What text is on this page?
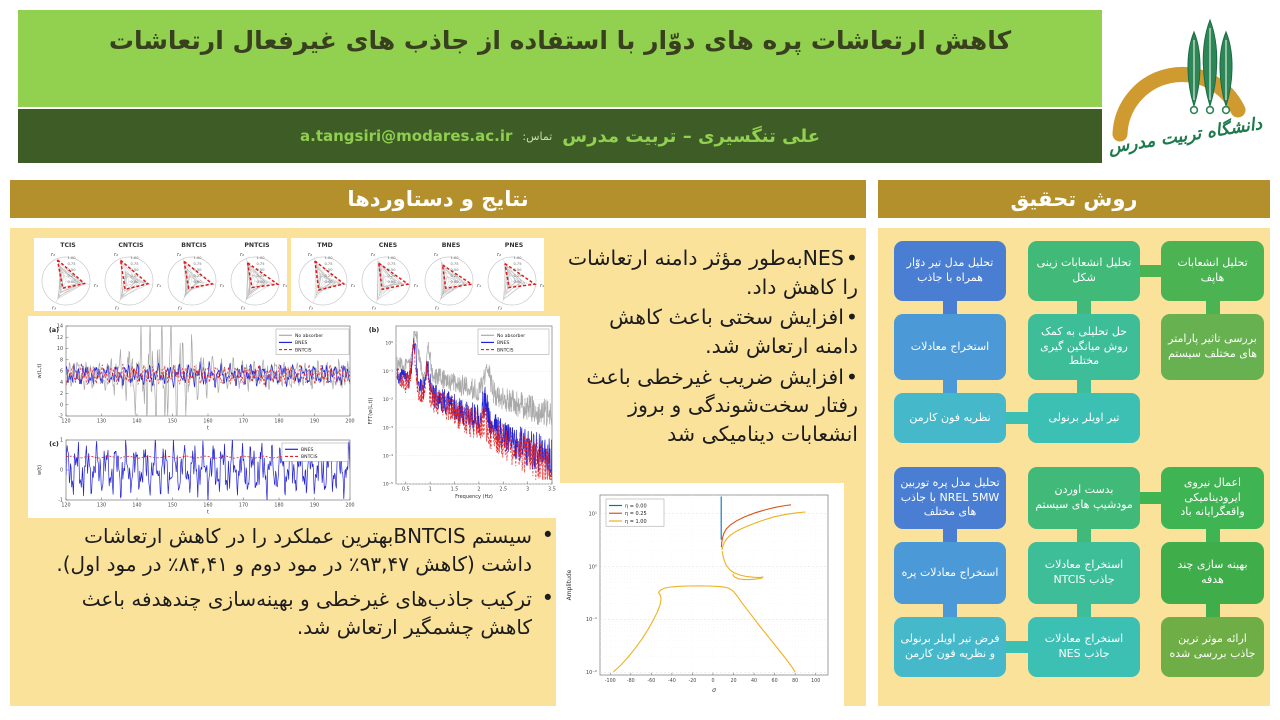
کاهش ارتعاشات پره های دوّار با استفاده از جاذب های غیرفعال ارتعاشات
علی تنگسیری – تربیت مدرس
تماس:
a.tangsiri@modares.ac.ir	دانشگاه تربیت مدرس
نتایج و دستاوردها	روش تحقیق
TCIS
1.00
0.75
0.50
0.25
0.00
r₂
r₁
r₃
CNTCIS
1.00
0.75
0.50
0.25
0.00
r₂
r₁
r₃
BNTCIS
1.00
0.75
0.50
0.25
0.00
r₂
r₁
r₃
PNTCIS
1.00
0.75
0.50
0.25
0.00
r₂
r₁
r₃
TMD
1.00
0.75
0.50
0.25
0.00
r₂
r₁
r₃
CNES
1.00
0.75
0.50
0.25
0.00
r₂
r₁
r₃
BNES
1.00
0.75
0.50
0.25
0.00
r₂
r₁
r₃
PNES
1.00
0.75
0.50
0.25
0.00
r₂
r₁
r₃
(a)
120	130	140	150	160	170	180	190	200
-2
0
2
4
6
8
10
12
14
t
w(L,t)
No absorber
BNES
BNTCIS
(b)
10⁰
10⁻¹
10⁻²
10⁻³
10⁻⁴
10⁻⁵
0.5	1	1.5	2	2.5	3	3.5
Frequency (Hz)
FFT(w(L,t))
No absorber
BNES
BNTCIS
(c)
120	130	140	150	160	170	180	190	200
-1
0
1
t
w(t)
BNES
BNTCIS
• NESبه‌طور مؤثر دامنه ارتعاشات را کاهش داد.
• افزایش سختی باعث کاهش دامنه ارتعاش شد.
• افزایش ضریب غیرخطی باعث رفتار سخت‌شوندگی و بروز انشعابات دینامیکی شد
• سیستم BNTCISبهترین عملکرد را در کاهش ارتعاشات داشت (کاهش ۹۳,۴۷٪ در مود دوم و ۸۴,۴۱٪ در مود اول).
• ترکیب جاذب‌های غیرخطی و بهینه‌سازی چندهدفه باعث کاهش چشمگیر ارتعاش شد.
10⁻²
10⁻¹
10⁰
10¹
-100 -80	-60	-40	-20	0	20	40	60	80	100
σ
Amplitude
η = 0.00
η = 0.25
η = 1.00
تحلیل انشعابات هاپف
تحلیل انشعابات زینی شکل
تحلیل مدل تیر دوّار همراه با جاذب
بررسی تاثیر پارامتر های مختلف سیستم
حل تحلیلی به کمک روش میانگین گیری مختلط
استخراج معادلات
تیر اویلر برنولی
نظریه فون کارمن
اعمال نیروی ایرودینامیکی واقعگرایانه باد
بدست اوردن مودشیپ های سیستم
تحلیل مدل پره توربین NREL 5MW با جاذب های مختلف
بهینه سازی چند هدفه
استخراج معادلات جاذب NTCIS
استخراج معادلات پره
ارائه موثر ترین جاذب بررسی شده
استخراج معادلات جاذب NES
فرض تیر اویلر برنولی و نظریه فون کارمن
